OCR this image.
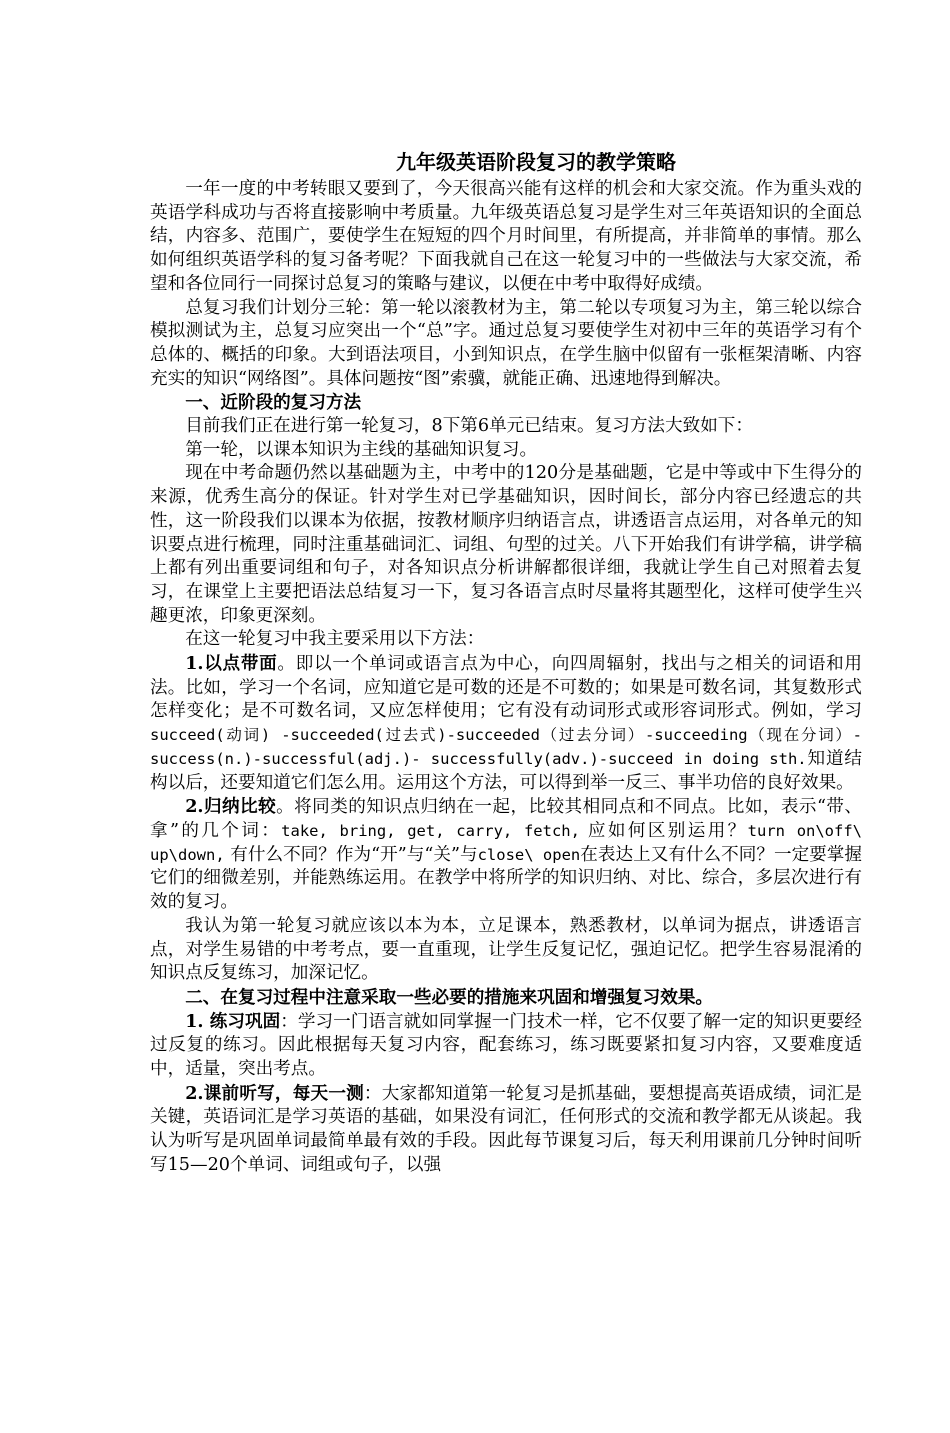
九年级英语阶段复习的教学策略

一年一度的中考转眼又要到了，今天很高兴能有这样的机会和大家交流。作为重头戏的英语学科成功与否将直接影响中考质量。九年级英语总复习是学生对三年英语知识的全面总结，内容多、范围广，要使学生在短短的四个月时间里，有所提高，并非简单的事情。那么如何组织英语学科的复习备考呢？下面我就自己在这一轮复习中的一些做法与大家交流，希望和各位同行一同探讨总复习的策略与建议，以便在中考中取得好成绩。

总复习我们计划分三轮：第一轮以滚教材为主，第二轮以专项复习为主，第三轮以综合模拟测试为主，总复习应突出一个“总”字。通过总复习要使学生对初中三年的英语学习有个总体的、概括的印象。大到语法项目，小到知识点，在学生脑中似留有一张框架清晰、内容充实的知识“网络图”。具体问题按“图”索骥，就能正确、迅速地得到解决。

一、近阶段的复习方法

目前我们正在进行第一轮复习，8下第6单元已结束。复习方法大致如下：

第一轮，以课本知识为主线的基础知识复习。

现在中考命题仍然以基础题为主，中考中的120分是基础题，它是中等或中下生得分的来源，优秀生高分的保证。针对学生对已学基础知识，因时间长，部分内容已经遗忘的共性，这一阶段我们以课本为依据，按教材顺序归纳语言点，讲透语言点运用，对各单元的知识要点进行梳理，同时注重基础词汇、词组、句型的过关。八下开始我们有讲学稿，讲学稿上都有列出重要词组和句子，对各知识点分析讲解都很详细，我就让学生自己对照着去复习，在课堂上主要把语法总结复习一下，复习各语言点时尽量将其题型化，这样可使学生兴趣更浓，印象更深刻。

在这一轮复习中我主要采用以下方法：

1.以点带面。即以一个单词或语言点为中心，向四周辐射，找出与之相关的词语和用法。比如，学习一个名词，应知道它是可数的还是不可数的；如果是可数名词，其复数形式怎样变化；是不可数名词，又应怎样使用；它有没有动词形式或形容词形式。例如，学习 succeed(动词) -succeeded(过去式)-succeeded（过去分词）-succeeding（现在分词）-success(n.)-successful(adj.)- successfully(adv.)-succeed in doing sth.知道结构以后，还要知道它们怎么用。运用这个方法，可以得到举一反三、事半功倍的良好效果。

2.归纳比较。将同类的知识点归纳在一起，比较其相同点和不同点。比如，表示“带、拿”的几个词：take, bring, get, carry, fetch, 应如何区别运用？turn on\off\ up\down, 有什么不同？作为“开”与“关”与close\ open在表达上又有什么不同？一定要掌握它们的细微差别，并能熟练运用。在教学中将所学的知识归纳、对比、综合，多层次进行有效的复习。

我认为第一轮复习就应该以本为本，立足课本，熟悉教材，以单词为据点，讲透语言点，对学生易错的中考考点，要一直重现，让学生反复记忆，强迫记忆。把学生容易混淆的知识点反复练习，加深记忆。

二、在复习过程中注意采取一些必要的措施来巩固和增强复习效果。

1. 练习巩固：学习一门语言就如同掌握一门技术一样，它不仅要了解一定的知识更要经过反复的练习。因此根据每天复习内容，配套练习，练习既要紧扣复习内容，又要难度适中，适量，突出考点。

2.课前听写，每天一测：大家都知道第一轮复习是抓基础，要想提高英语成绩，词汇是关键，英语词汇是学习英语的基础，如果没有词汇，任何形式的交流和教学都无从谈起。我认为听写是巩固单词最简单最有效的手段。因此每节课复习后，每天利用课前几分钟时间听写15—20个单词、词组或句子，以强
